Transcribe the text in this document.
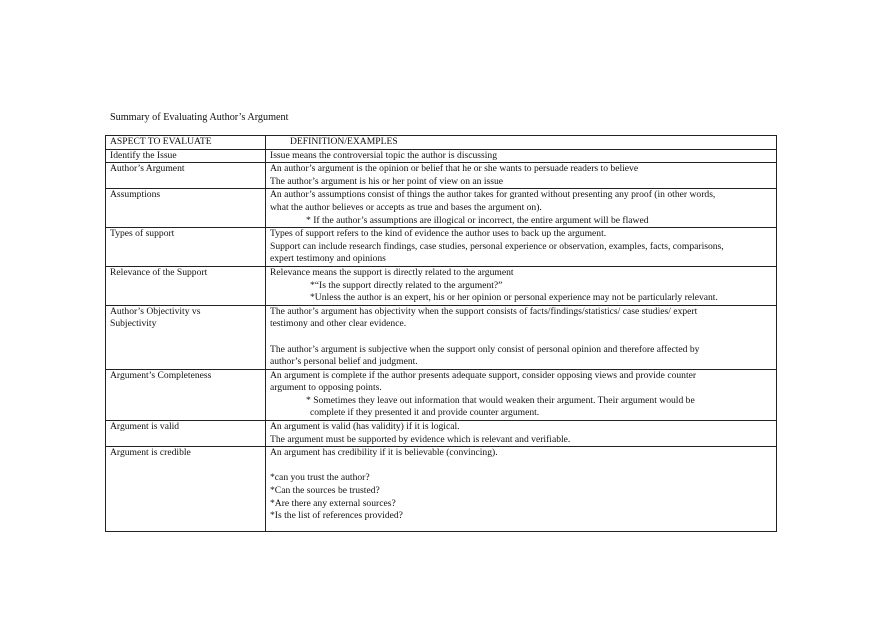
Summary of Evaluating Author’s Argument
ASPECT TO EVALUATE	DEFINITION/EXAMPLES

Identify the Issue	Issue means the controversial topic the author is discussing

Author’s Argument	An author’s argument is the opinion or belief that he or she wants to persuade readers to believe
The author’s argument is his or her point of view on an issue

Assumptions	An author’s assumptions consist of things the author takes for granted without presenting any proof (in other words,
what the author believes or accepts as true and bases the argument on).
* If the author’s assumptions are illogical or incorrect, the entire argument will be flawed

Types of support	Types of support refers to the kind of evidence the author uses to back up the argument.
Support can include research findings, case studies, personal experience or observation, examples, facts, comparisons,
expert testimony and opinions

Relevance of the Support	Relevance means the support is directly related to the argument
*“Is the support directly related to the argument?”
*Unless the author is an expert, his or her opinion or personal experience may not be particularly relevant.

Author’s Objectivity vs
Subjectivity	The author’s argument has objectivity when the support consists of facts/findings/statistics/ case studies/ expert
testimony and other clear evidence.
The author’s argument is subjective when the support only consist of personal opinion and therefore affected by
author’s personal belief and judgment.

Argument’s Completeness	An argument is complete if the author presents adequate support, consider opposing views and provide counter
argument to opposing points.
* Sometimes they leave out information that would weaken their argument. Their argument would be
complete if they presented it and provide counter argument.

Argument is valid	An argument is valid (has validity) if it is logical.
The argument must be supported by evidence which is relevant and verifiable.

Argument is credible	An argument has credibility if it is believable (convincing).
*can you trust the author?
*Can the sources be trusted?
*Are there any external sources?
*Is the list of references provided?
